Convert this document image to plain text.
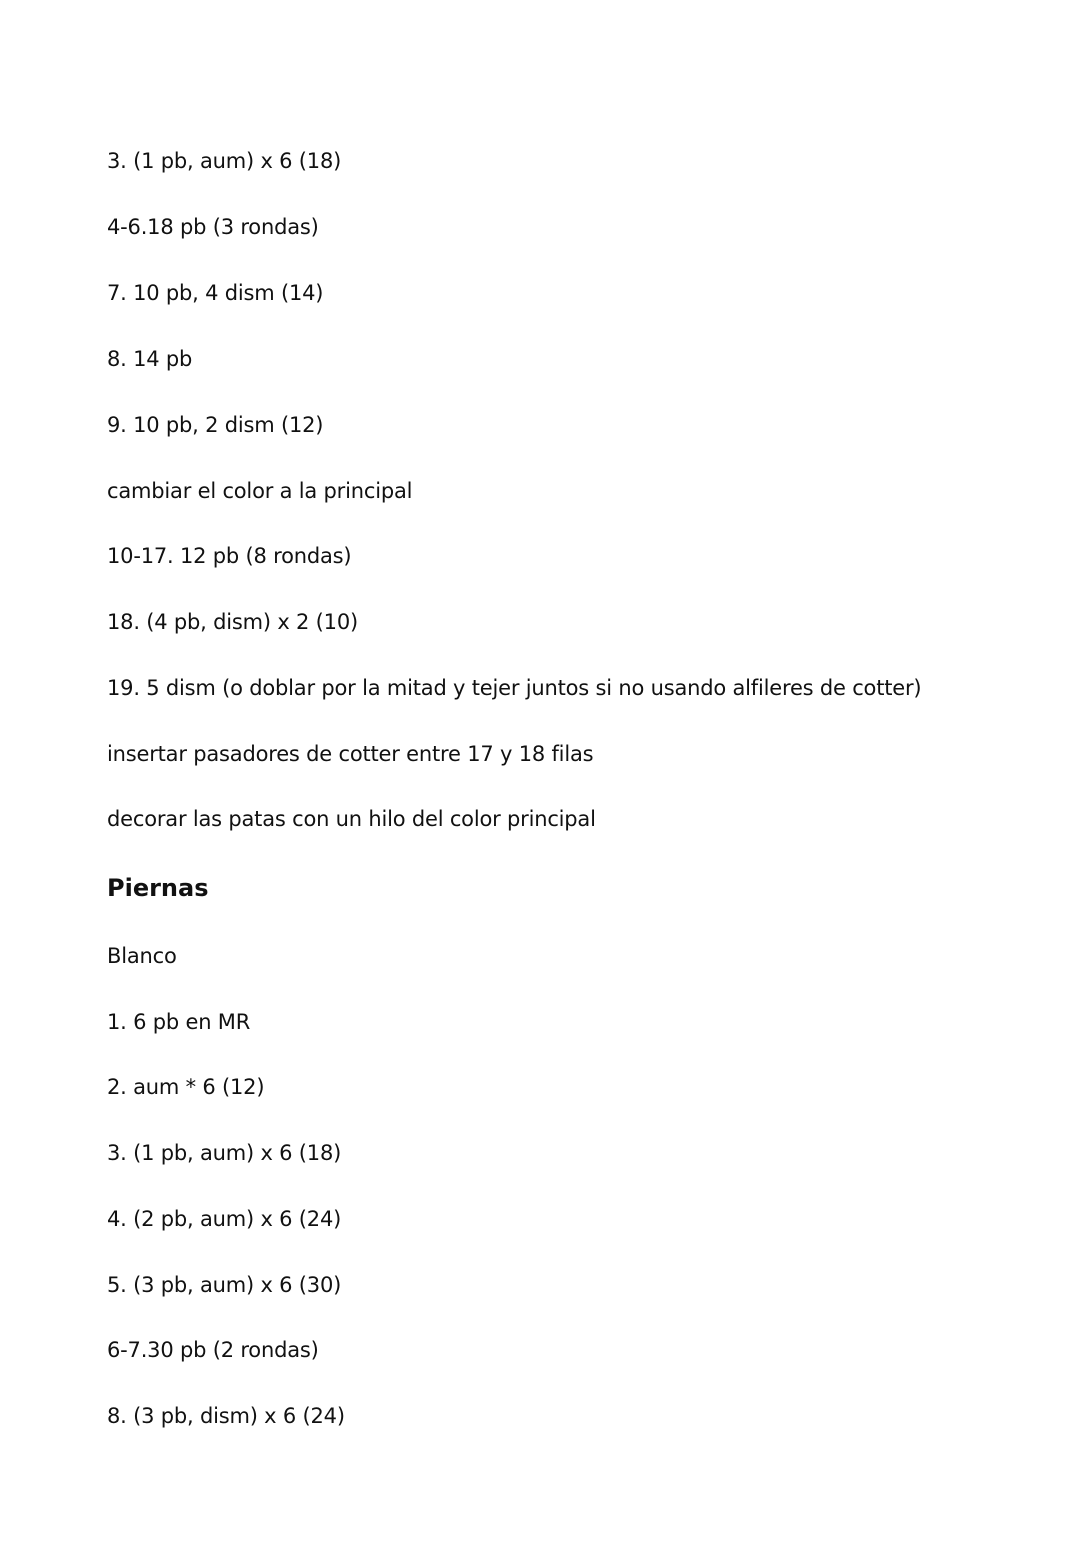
3. (1 pb, aum) x 6 (18)
4-6.18 pb (3 rondas)
7. 10 pb, 4 dism (14)
8. 14 pb
9. 10 pb, 2 dism (12)
cambiar el color a la principal
10-17. 12 pb (8 rondas)
18. (4 pb, dism) x 2 (10)
19. 5 dism (o doblar por la mitad y tejer juntos si no usando alfileres de cotter)
insertar pasadores de cotter entre 17 y 18 filas
decorar las patas con un hilo del color principal
Piernas
Blanco
1. 6 pb en MR
2. aum * 6 (12)
3. (1 pb, aum) x 6 (18)
4. (2 pb, aum) x 6 (24)
5. (3 pb, aum) x 6 (30)
6-7.30 pb (2 rondas)
8. (3 pb, dism) x 6 (24)
